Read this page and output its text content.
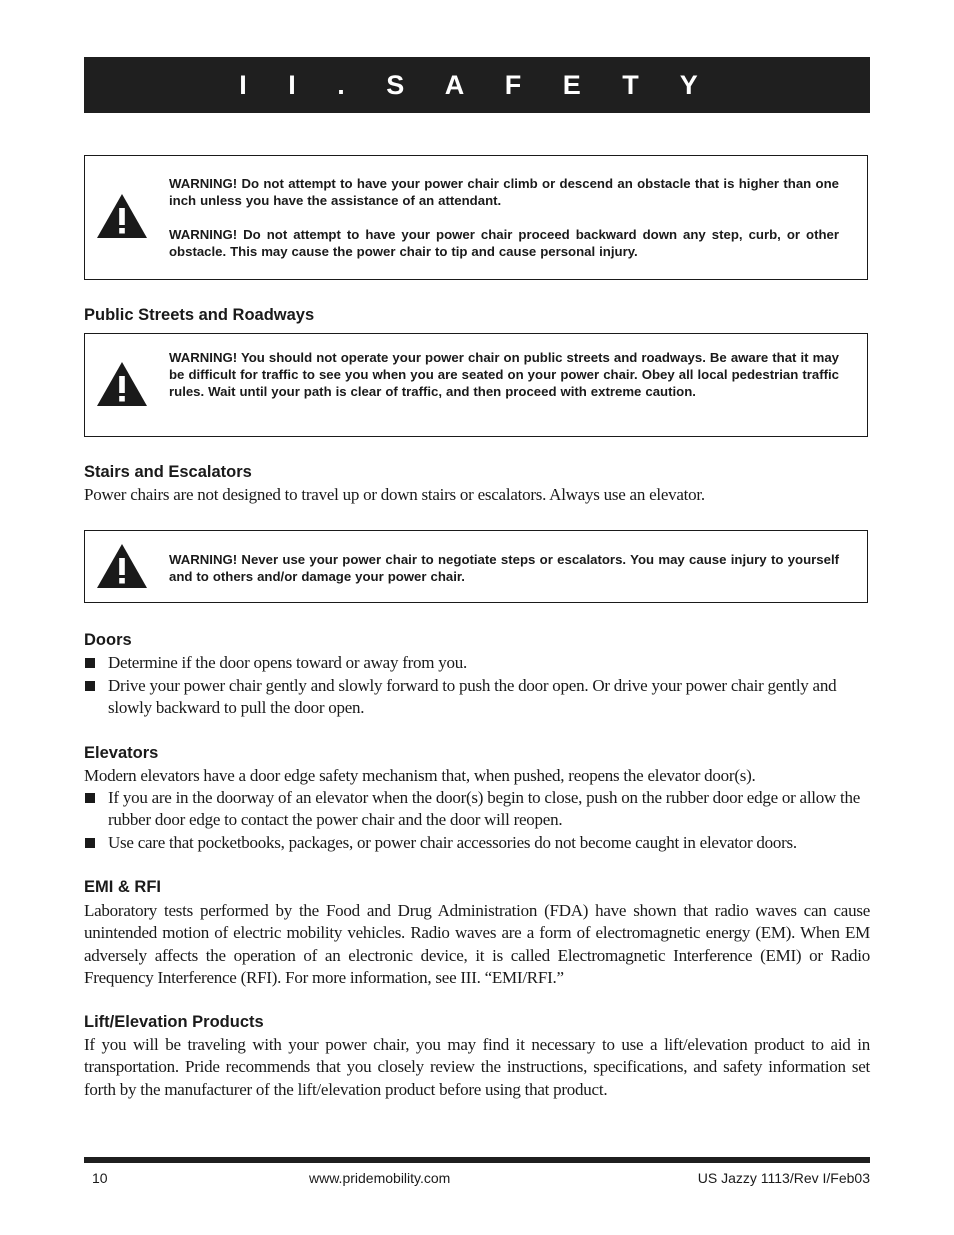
I I . S A F E T Y

WARNING! Do not attempt to have your power chair climb or descend an obstacle that is higher than one inch unless you have the assistance of an attendant.

WARNING! Do not attempt to have your power chair proceed backward down any step, curb, or other obstacle. This may cause the power chair to tip and cause personal injury.

Public Streets and Roadways

WARNING! You should not operate your power chair on public streets and roadways. Be aware that it may be difficult for traffic to see you when you are seated on your power chair. Obey all local pedestrian traffic rules. Wait until your path is clear of traffic, and then proceed with extreme caution.

Stairs and Escalators

Power chairs are not designed to travel up or down stairs or escalators. Always use an elevator.

WARNING! Never use your power chair to negotiate steps or escalators. You may cause injury to yourself and to others and/or damage your power chair.

Doors
Determine if the door opens toward or away from you.
Drive your power chair gently and slowly forward to push the door open. Or drive your power chair gently and slowly backward to pull the door open.
Elevators

Modern elevators have a door edge safety mechanism that, when pushed, reopens the elevator door(s).

If you are in the doorway of an elevator when the door(s) begin to close, push on the rubber door edge or allow the rubber door edge to contact the power chair and the door will reopen.
Use care that pocketbooks, packages, or power chair accessories do not become caught in elevator doors.
EMI & RFI

Laboratory tests performed by the Food and Drug Administration (FDA) have shown that radio waves can cause unintended motion of electric mobility vehicles. Radio waves are a form of electromagnetic energy (EM). When EM adversely affects the operation of an electronic device, it is called Electromagnetic Interference (EMI) or Radio Frequency Interference (RFI). For more information, see III. “EMI/RFI.”

Lift/Elevation Products

If you will be traveling with your power chair, you may find it necessary to use a lift/elevation product to aid in transportation. Pride recommends that you closely review the instructions, specifications, and safety information set forth by the manufacturer of the lift/elevation product before using that product.

10	www.pridemobility.com	US Jazzy 1113/Rev I/Feb03
